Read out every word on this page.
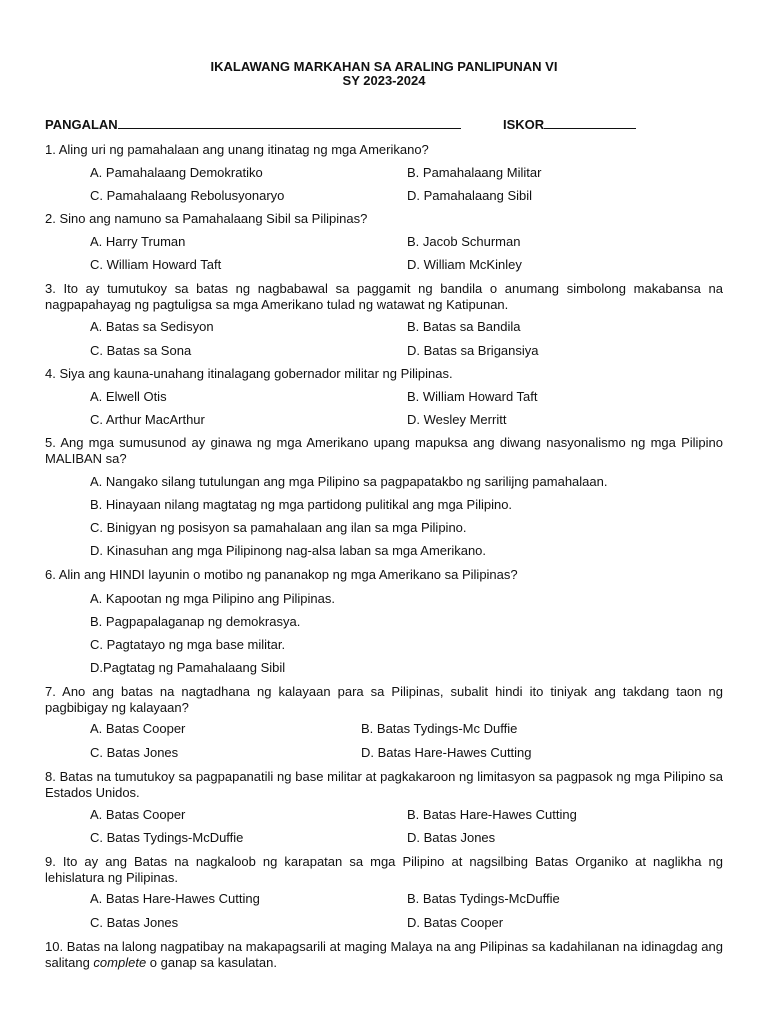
IKALAWANG MARKAHAN SA ARALING PANLIPUNAN VI
SY 2023-2024
PANGALAN	ISKOR
1. Aling uri ng pamahalaan ang unang itinatag ng mga Amerikano?
A. Pamahalaang Demokratiko	B. Pamahalaang Militar
C. Pamahalaang Rebolusyonaryo	D. Pamahalaang Sibil
2. Sino ang namuno sa Pamahalaang Sibil sa Pilipinas?
A. Harry Truman	B. Jacob Schurman
C. William Howard Taft	D. William McKinley
3. Ito ay tumutukoy sa batas ng nagbabawal sa paggamit ng bandila o anumang simbolong makabansa na nagpapahayag ng pagtuligsa sa mga Amerikano tulad ng watawat ng Katipunan.
A. Batas sa Sedisyon	B. Batas sa Bandila
C. Batas sa Sona	D. Batas sa Brigansiya
4. Siya ang kauna-unahang itinalagang gobernador militar ng Pilipinas.
A. Elwell Otis	B. William Howard Taft
C. Arthur MacArthur	D. Wesley Merritt
5. Ang mga sumusunod ay ginawa ng mga Amerikano upang mapuksa ang diwang nasyonalismo ng mga Pilipino MALIBAN sa?
A. Nangako silang tutulungan ang mga Pilipino sa pagpapatakbo ng sarilijng pamahalaan.
B. Hinayaan nilang magtatag ng mga partidong pulitikal ang mga Pilipino.
C. Binigyan ng posisyon sa pamahalaan ang ilan sa mga Pilipino.
D. Kinasuhan ang mga Pilipinong nag-alsa laban sa mga Amerikano.
6. Alin ang HINDI layunin o motibo ng pananakop ng mga Amerikano sa Pilipinas?
A. Kapootan ng mga Pilipino ang Pilipinas.
B. Pagpapalaganap ng demokrasya.
C. Pagtatayo ng mga base militar.
D.Pagtatag ng Pamahalaang Sibil
7. Ano ang batas na nagtadhana ng kalayaan para sa Pilipinas, subalit hindi ito tiniyak ang takdang taon ng pagbibigay ng kalayaan?
A. Batas Cooper	B. Batas Tydings-Mc Duffie
C. Batas Jones	D. Batas Hare-Hawes Cutting
8. Batas na tumutukoy sa pagpapanatili ng base militar at pagkakaroon ng limitasyon sa pagpasok ng mga Pilipino sa Estados Unidos.
A. Batas Cooper	B. Batas Hare-Hawes Cutting
C. Batas Tydings-McDuffie	D. Batas Jones
9. Ito ay ang Batas na nagkaloob ng karapatan sa mga Pilipino at nagsilbing Batas Organiko at naglikha ng lehislatura ng Pilipinas.
A. Batas Hare-Hawes Cutting	B. Batas Tydings-McDuffie
C. Batas Jones	D. Batas Cooper
10. Batas na lalong nagpatibay na makapagsarili at maging Malaya na ang Pilipinas sa kadahilanan na idinagdag ang salitang complete o ganap sa kasulatan.
